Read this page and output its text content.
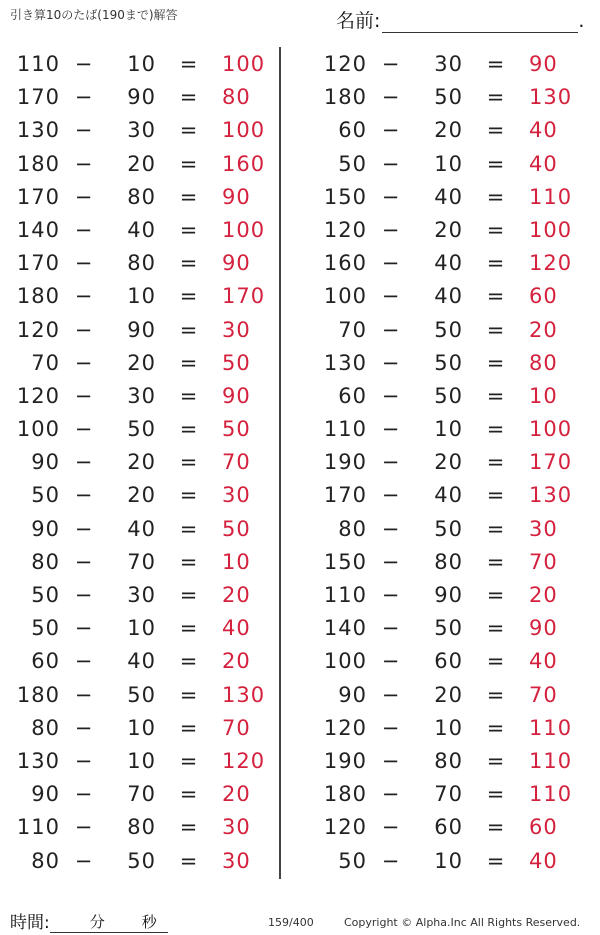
引き算10のたば(190まで)解答	名前:	.
110 −	10 = 100
170 −	90 = 80
130 −	30 = 100
180 −	20 = 160
170 −	80 = 90
140 −	40 = 100
170 −	80 = 90
180 −	10 = 170
120 −	90 = 30
70 −	20 = 50
120 −	30 = 90
100 −	50 = 50
90 −	20 = 70
50 −	20 = 30
90 −	40 = 50
80 −	70 = 10
50 −	30 = 20
50 −	10 = 40
60 −	40 = 20
180 −	50 = 130
80 −	10 = 70
130 −	10 = 120
90 −	70 = 20
110 −	80 = 30
80 −	50 = 30
120 −	30 = 90
180 −	50 = 130
60 −	20 = 40
50 −	10 = 40
150 −	40 = 110
120 −	20 = 100
160 −	40 = 120
100 −	40 = 60
70 −	50 = 20
130 −	50 = 80
60 −	50 = 10
110 −	10 = 100
190 −	20 = 170
170 −	40 = 130
80 −	50 = 30
150 −	80 = 70
110 −	90 = 20
140 −	50 = 90
100 −	60 = 40
90 −	20 = 70
120 −	10 = 110
190 −	80 = 110
180 −	70 = 110
120 −	60 = 60
50 −	10 = 40
時間:	分 秒	159/400	Copyright © Alpha.Inc All Rights Reserved.
